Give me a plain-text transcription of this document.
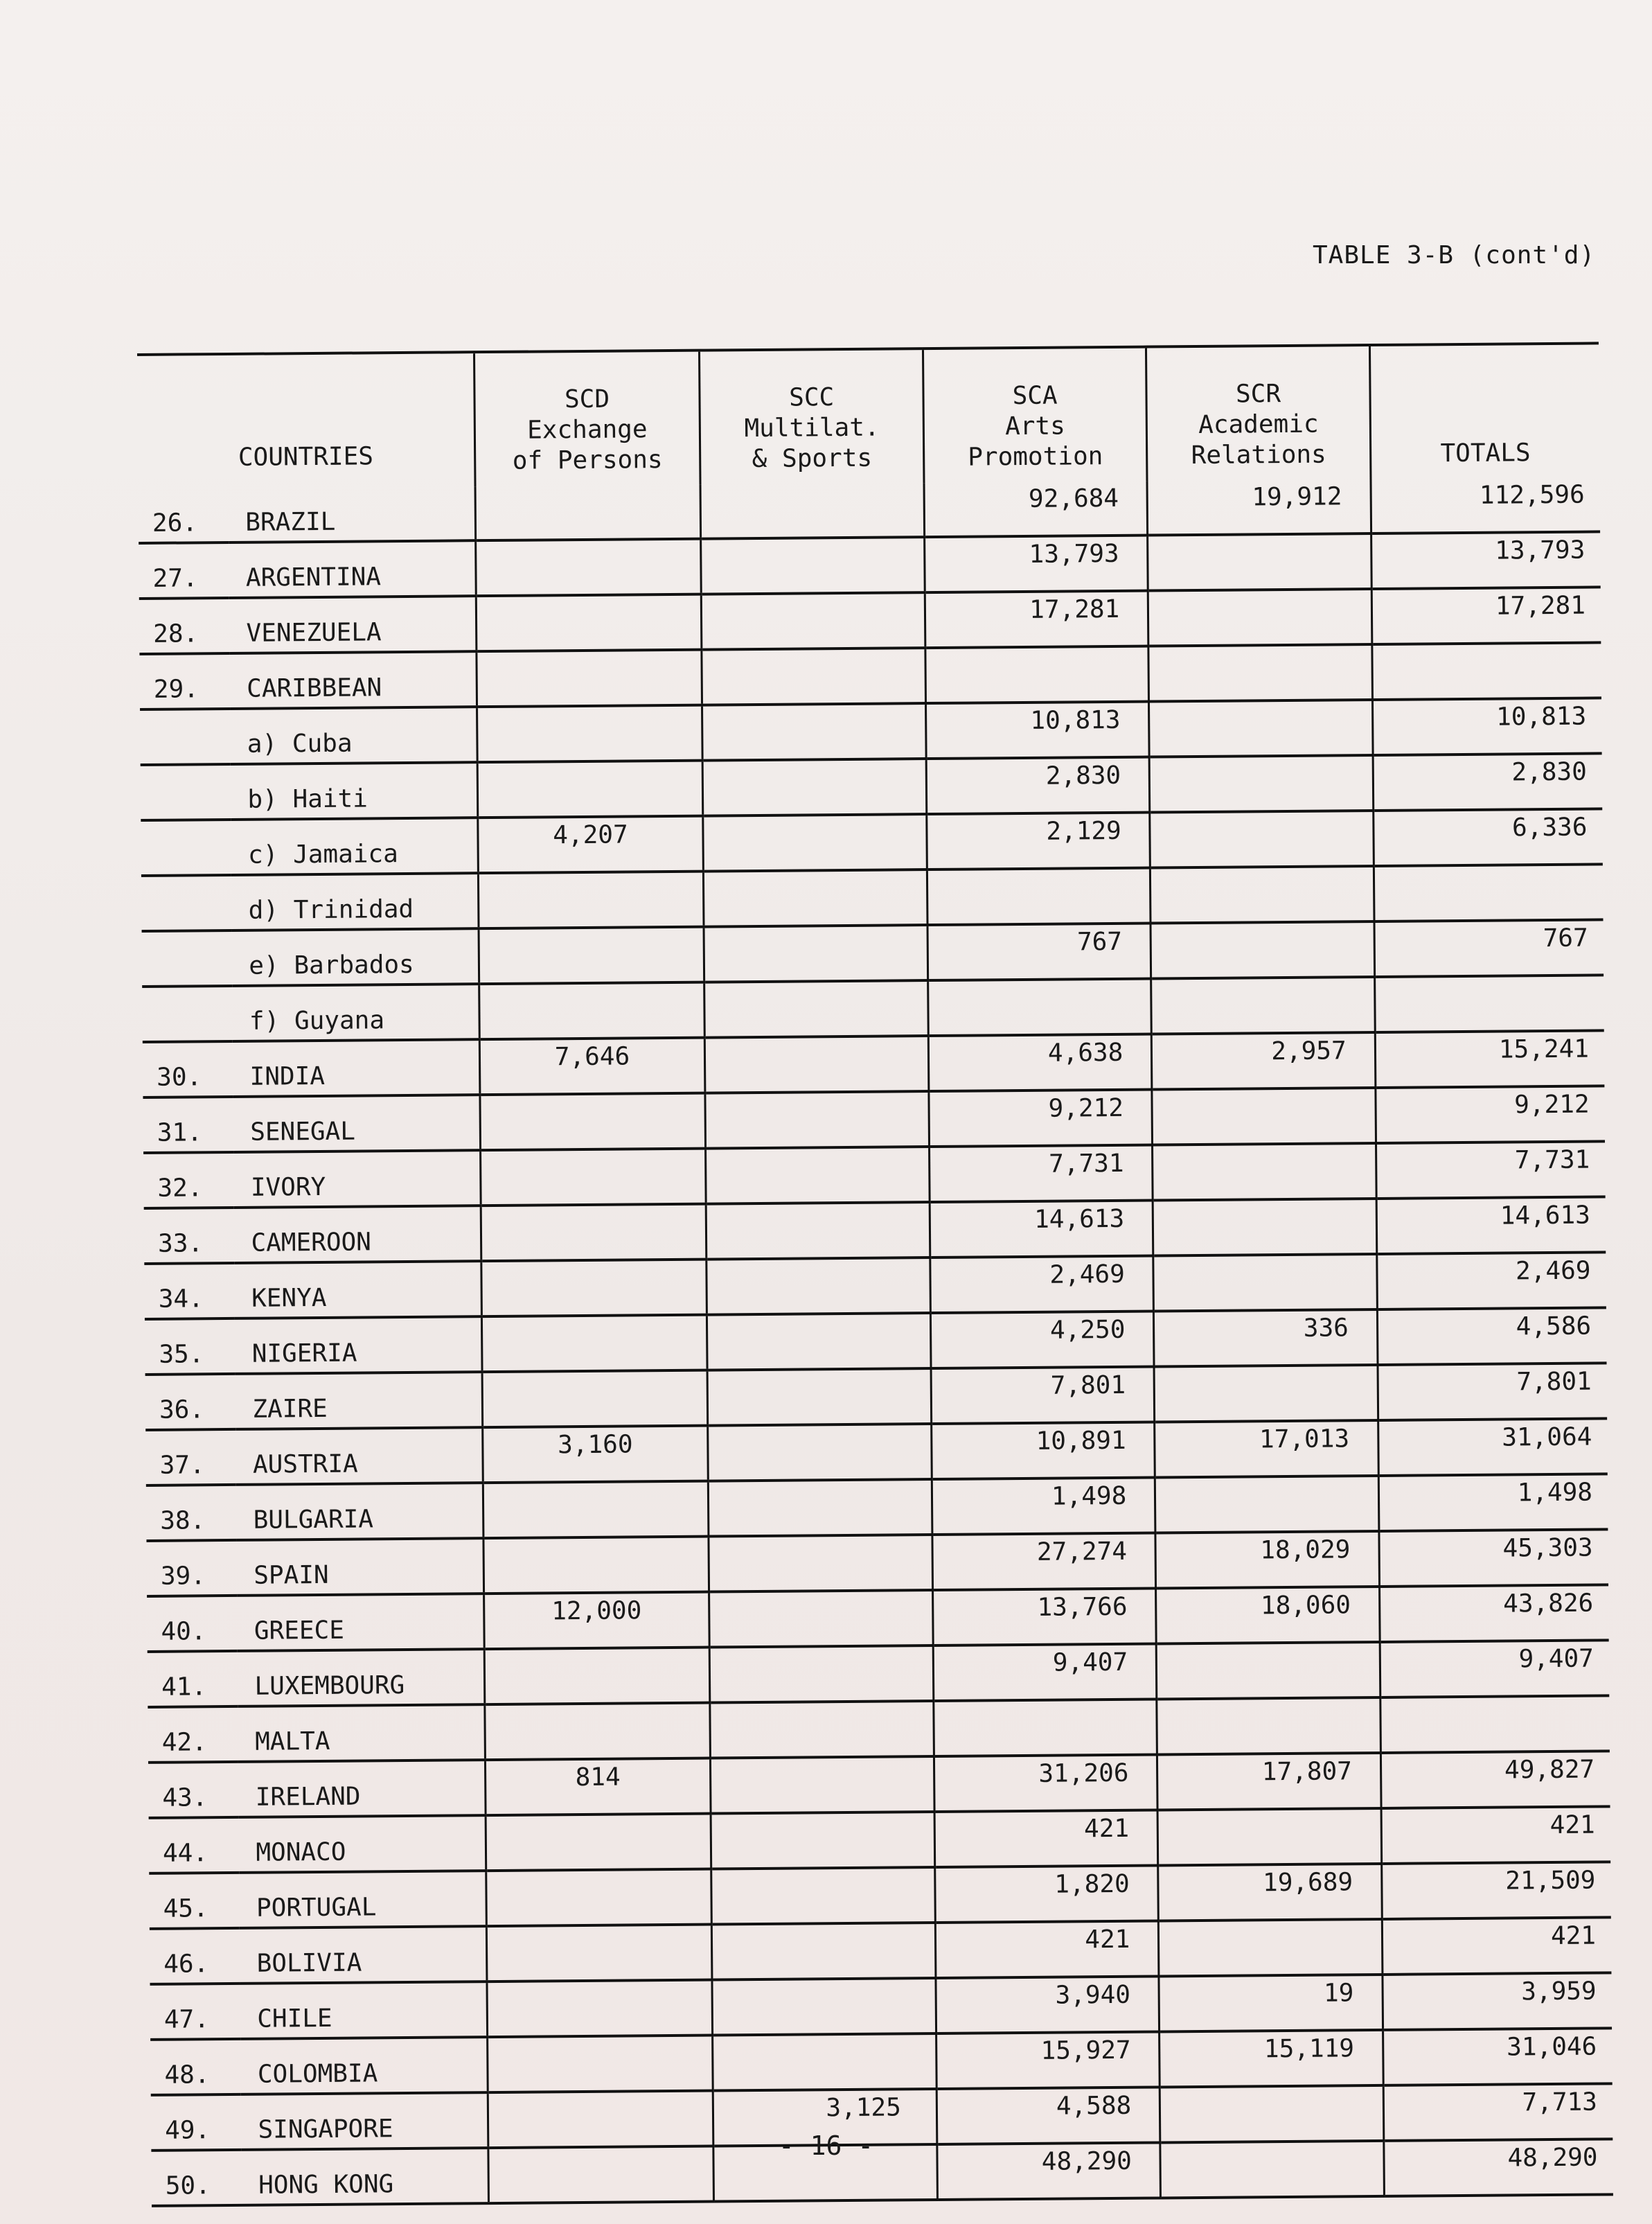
TABLE 3-B (cont'd)

COUNTRIES		SCD
Exchange
of Persons	SCC
Multilat.
& Sports	SCA
Arts
Promotion	SCR
Academic
Relations	TOTALS
26.	BRAZIL			92,684	19,912	112,596
27.	ARGENTINA			13,793		13,793
28.	VENEZUELA			17,281		17,281
29.	CARIBBEAN					
	a) Cuba			10,813		10,813
	b) Haiti			2,830		2,830
	c) Jamaica	4,207		2,129		6,336
	d) Trinidad					
	e) Barbados			767		767
	f) Guyana					
30.	INDIA	7,646		4,638	2,957	15,241
31.	SENEGAL			9,212		9,212
32.	IVORY			7,731		7,731
33.	CAMEROON			14,613		14,613
34.	KENYA			2,469		2,469
35.	NIGERIA			4,250	336	4,586
36.	ZAIRE			7,801		7,801
37.	AUSTRIA	3,160		10,891	17,013	31,064
38.	BULGARIA			1,498		1,498
39.	SPAIN			27,274	18,029	45,303
40.	GREECE	12,000		13,766	18,060	43,826
41.	LUXEMBOURG			9,407		9,407
42.	MALTA					
43.	IRELAND	814		31,206	17,807	49,827
44.	MONACO			421		421
45.	PORTUGAL			1,820	19,689	21,509
46.	BOLIVIA			421		421
47.	CHILE			3,940	19	3,959
48.	COLOMBIA			15,927	15,119	31,046
49.	SINGAPORE		3,125	4,588		7,713
50.	HONG KONG			48,290		48,290
- 16 -
